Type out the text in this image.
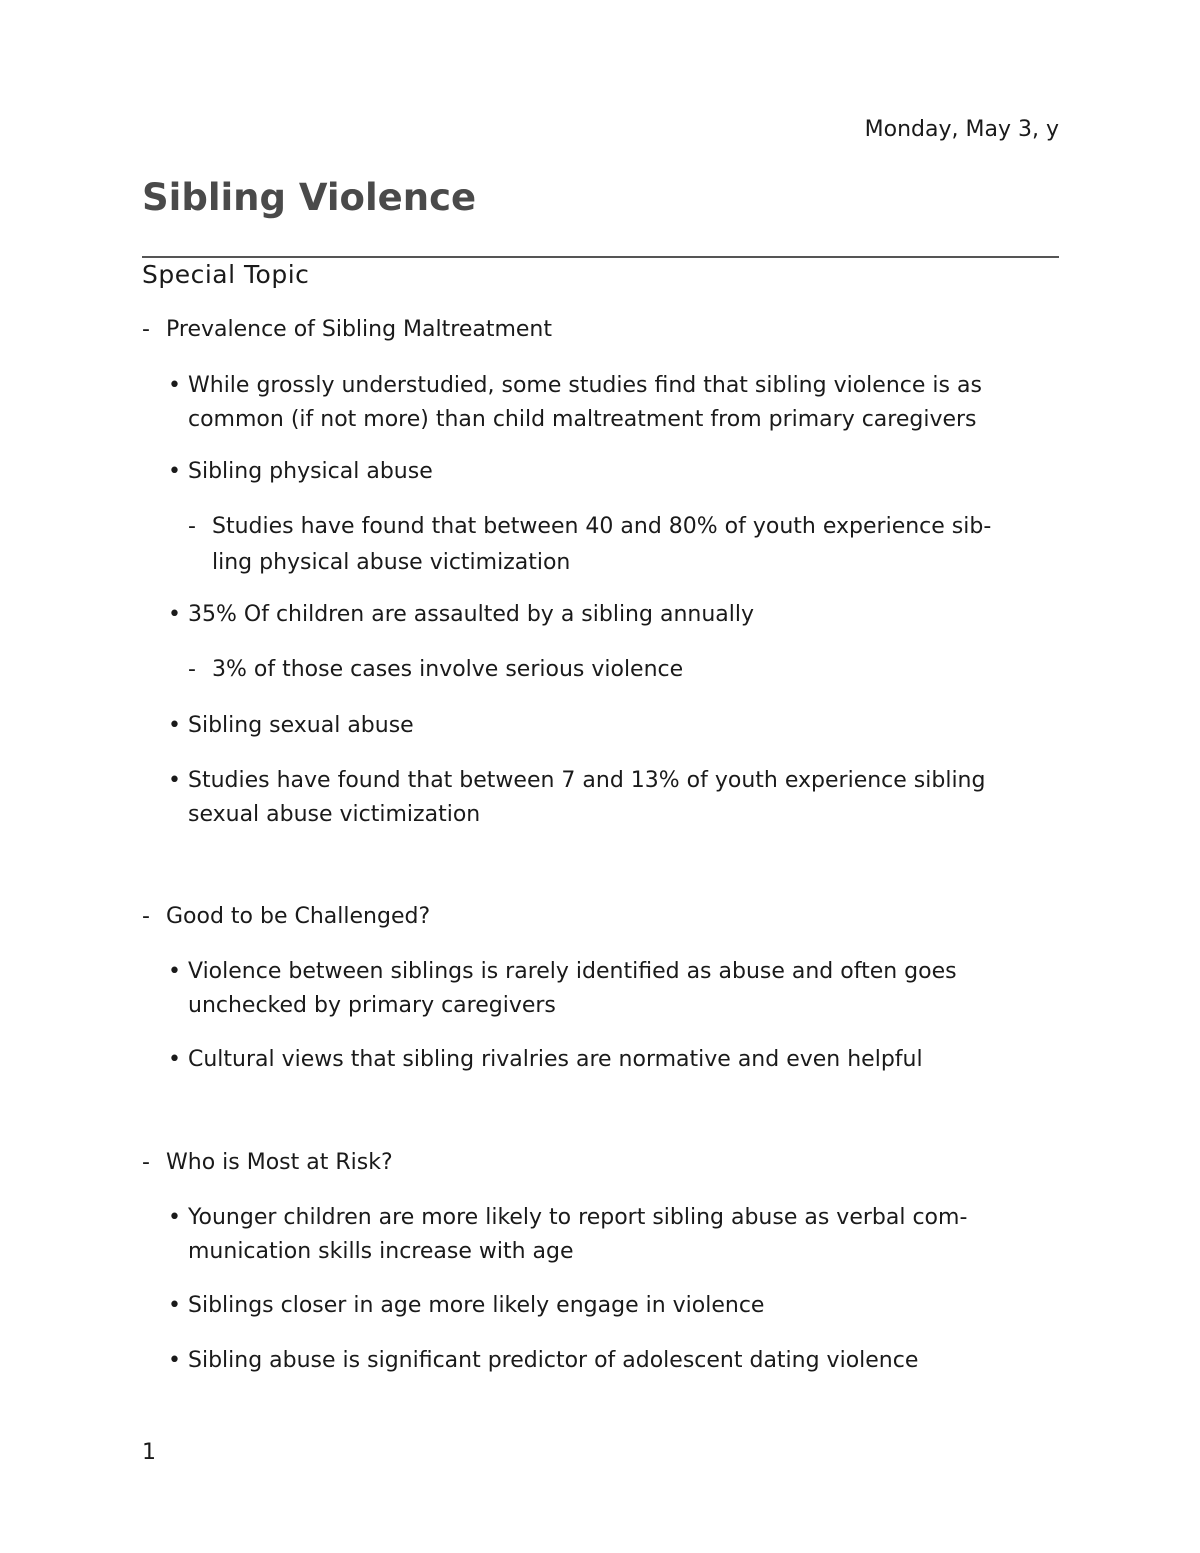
Monday, May 3, y
Sibling Violence
Special Topic
- Prevalence of Sibling Maltreatment
• While grossly understudied, some studies find that sibling violence is as
common (if not more) than child maltreatment from primary caregivers
• Sibling physical abuse
- Studies have found that between 40 and 80% of youth experience sib-
ling physical abuse victimization
• 35% Of children are assaulted by a sibling annually
- 3% of those cases involve serious violence
• Sibling sexual abuse
• Studies have found that between 7 and 13% of youth experience sibling
sexual abuse victimization
- Good to be Challenged?
• Violence between siblings is rarely identified as abuse and often goes
unchecked by primary caregivers
• Cultural views that sibling rivalries are normative and even helpful
- Who is Most at Risk?
• Younger children are more likely to report sibling abuse as verbal com-
munication skills increase with age
• Siblings closer in age more likely engage in violence
• Sibling abuse is significant predictor of adolescent dating violence
1
